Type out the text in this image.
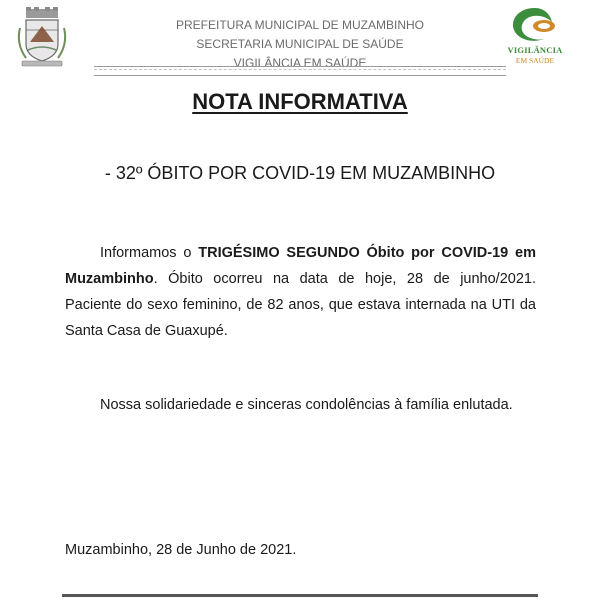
PREFEITURA MUNICIPAL DE MUZAMBINHO
SECRETARIA MUNICIPAL DE SAÚDE
VIGILÂNCIA EM SAÚDE
VIGILÂNCIA
EM SAÚDE
NOTA INFORMATIVA
- 32º ÓBITO POR COVID-19 EM MUZAMBINHO
Informamos o TRIGÉSIMO SEGUNDO Óbito por COVID-19 em Muzambinho. Óbito ocorreu na data de hoje, 28 de junho/2021. Paciente do sexo feminino, de 82 anos, que estava internada na UTI da Santa Casa de Guaxupé.
Nossa solidariedade e sinceras condolências à família enlutada.
Muzambinho, 28 de Junho de 2021.
